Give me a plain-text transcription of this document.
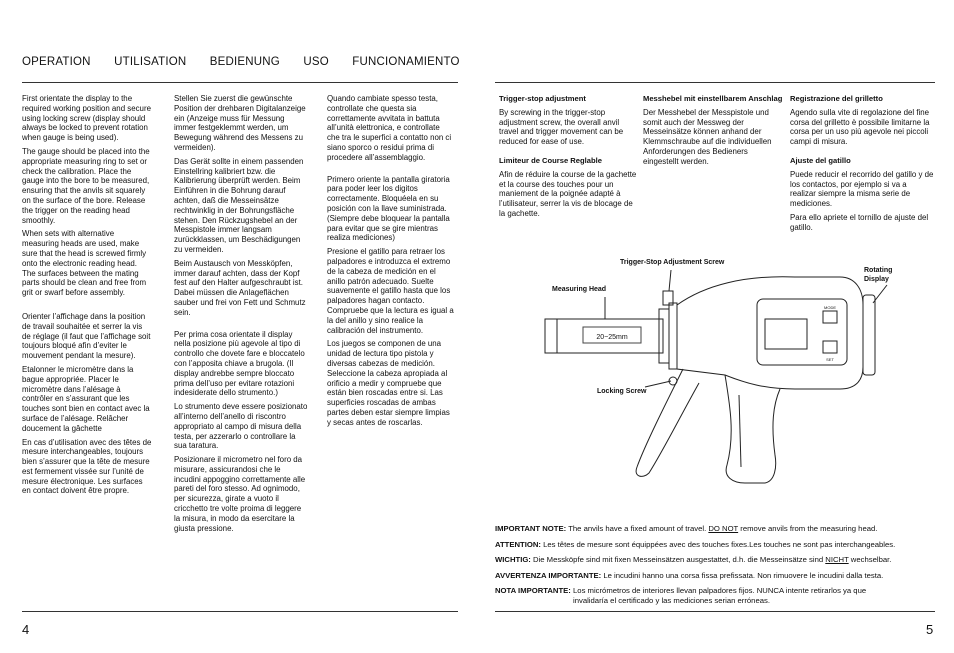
OPERATION UTILISATION BEDIENUNG USO FUNCIONAMIENTO

First orientate the display to the required working position and secure using locking screw (display should always be locked to prevent rotation when gauge is being used).

The gauge should be placed into the appropriate measuring ring to set or check the calibration. Place the gauge into the bore to be measured, ensuring that the anvils sit squarely on the surface of the bore. Release the trigger on the reading head smoothly.

When sets with alternative measuring heads are used, make sure that the head is screwed firmly onto the electronic reading head. The surfaces between the mating parts should be clean and free from grit or swarf before assembly.

Orienter l’affichage dans la position de travail souhaitée et serrer la vis de réglage (il faut que l’affichage soit toujours bloqué afin d’eviter le mouvement pendant la mesure).

Etalonner le micromètre dans la bague appropriée. Placer le micromètre dans l’alésage à contrôler en s’assurant que les touches sont bien en contact avec la surface de l’alésage. Relâcher doucement la gâchette

En cas d’utilisation avec des têtes de mesure interchangeables, toujours bien s’assurer que la tête de mesure est fermement vissée sur l’unité de mesure électronique. Les surfaces en contact doivent être propre.

Stellen Sie zuerst die gewünschte Position der drehbaren Digitalanzeige ein (Anzeige muss für Messung immer festgeklemmt werden, um Bewegung während des Messens zu vermeiden).

Das Gerät sollte in einem passenden Einstellring kalibriert bzw. die Kalibrierung überprüft werden. Beim Einführen in die Bohrung darauf achten, daß die Messeinsätze rechtwinklig in der Bohrungsfläche stehen. Den Rückzugshebel an der Messpistole immer langsam zurückklassen, um Beschädigungen zu vermeiden.

Beim Austausch von Messköpfen, immer darauf achten, dass der Kopf fest auf den Halter aufgeschraubt ist. Dabei müssen die Anlageflächen sauber und frei von Fett und Schmutz sein.

Per prima cosa orientate il display nella posizione più agevole al tipo di controllo che dovete fare e bloccatelo con l’apposita chiave a brugola. (Il display andrebbe sempre bloccato prima dell’uso per evitare rotazioni indesiderate dello strumento.)

Lo strumento deve essere posizionato all’interno dell’anello di riscontro appropriato al campo di misura della testa, per azzerarlo o controllare la sua taratura.

Posizionare il micrometro nel foro da misurare, assicurandosi che le incudini appoggino correttamente alle pareti del foro stesso. Ad ognimodo, per sicurezza, girate a vuoto il cricchetto tre volte proima di leggere la misura, in modo da esercitare la giusta pressione.

Quando cambiate spesso testa, controllate che questa sia correttamente avvitata in battuta all’unità elettronica, e controllate che tra le superfici a contatto non ci siano sporco o residui prima di procedere all’assemblaggio.

Primero oriente la pantalla giratoria para poder leer los digitos correctamente. Bloquéela en su posición con la llave suministrada. (Siempre debe bloquear la pantalla para evitar que se gire mientras realiza mediciones)

Presione el gatillo para retraer los palpadores e introduzca el extremo de la cabeza de medición en el anillo patrón adecuado. Suelte suavemente el gatillo hasta que los palpadores hagan contacto. Compruebe que la lectura es igual a la del anillo y sino realice la calibración del instrumento.

Los juegos se componen de una unidad de lectura tipo pistola y diversas cabezas de medición. Seleccione la cabeza apropiada al orificio a medir y compruebe que están bien roscadas entre si. Las superficies roscadas de ambas partes deben estar siempre limpias y secas antes de roscarlas.

Trigger-stop adjustment

By screwing in the trigger-stop adjustment screw, the overall anvil travel and trigger movement can be reduced for ease of use.

Limiteur de Course Reglable

Afin de réduire la course de la gachette et la course des touches pour un maniement de la poignée adapté à l’utilisateur, serrer la vis de blocage de la gachette.

Messhebel mit einstellbarem Anschlag

Der Messhebel der Messpistole und somit auch der Messweg der Messeinsätze können anhand der Klemmschraube auf die individuellen Anforderungen des Bedieners eingestellt werden.

Registrazione del grilletto

Agendo sulla vite di regolazione del fine corsa del grilletto è possibile limitarne la corsa per un uso più agevole nei piccoli campi di misura.

Ajuste del gatillo

Puede reducir el recorrido del gatillo y de los contactos, por ejemplo si va a realizar siempre la misma serie de mediciones.

Para ello apriete el tornillo de ajuste del gatillo.

20−25mm
MODE
SET
Trigger-Stop Adjustment Screw
Measuring Head
Rotating
Display
Locking Screw

IMPORTANT NOTE: The anvils have a fixed amount of travel. DO NOT remove anvils from the measuring head.

ATTENTION: Les têtes de mesure sont équippées avec des touches fixes.Les touches ne sont pas interchangeables.

WICHTIG: Die Messköpfe sind mit fixen Messeinsätzen ausgestattet, d.h. die Messeinsätze sind NICHT wechselbar.

AVVERTENZA IMPORTANTE: Le incudini hanno una corsa fissa prefissata. Non rimuovere le incudini dalla testa.

NOTA IMPORTANTE: Los micrómetros de interiores llevan palpadores fijos. NUNCA intente retirarlos ya que
invalidaría el certificado y las mediciones serian erróneas.

4	5
